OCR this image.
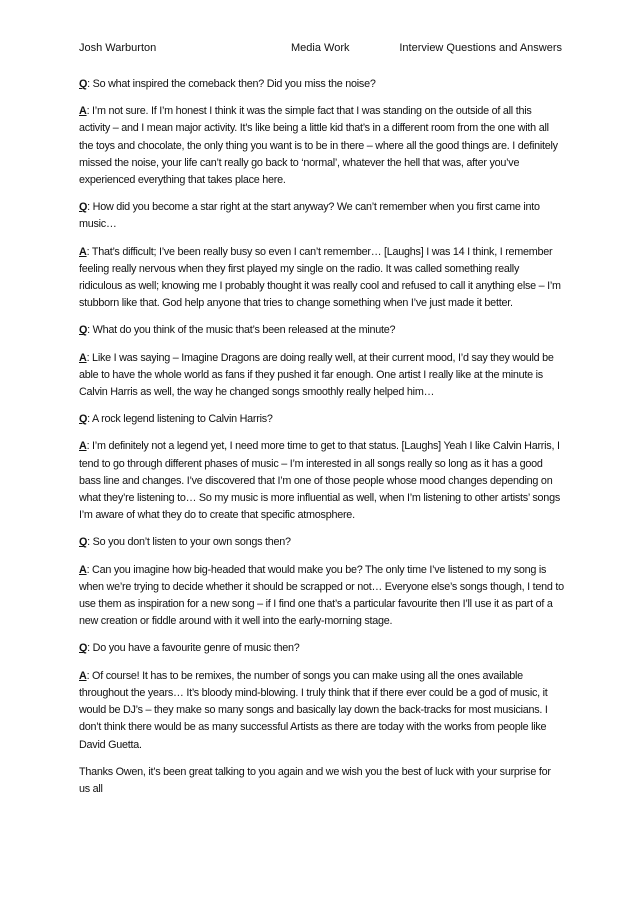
Josh Warburton	Media Work	Interview Questions and Answers

Q: So what inspired the comeback then? Did you miss the noise?

A: I’m not sure. If I’m honest I think it was the simple fact that I was standing on the outside of all this activity – and I mean major activity. It’s like being a little kid that’s in a different room from the one with all the toys and chocolate, the only thing you want is to be in there – where all the good things are. I definitely missed the noise, your life can’t really go back to ‘normal’, whatever the hell that was, after you’ve experienced everything that takes place here.

Q: How did you become a star right at the start anyway? We can’t remember when you first came into music…

A: That’s difficult; I’ve been really busy so even I can’t remember… [Laughs] I was 14 I think, I remember feeling really nervous when they first played my single on the radio. It was called something really ridiculous as well; knowing me I probably thought it was really cool and refused to call it anything else – I’m stubborn like that. God help anyone that tries to change something when I’ve just made it better.

Q: What do you think of the music that’s been released at the minute?

A: Like I was saying – Imagine Dragons are doing really well, at their current mood, I’d say they would be able to have the whole world as fans if they pushed it far enough. One artist I really like at the minute is Calvin Harris as well, the way he changed songs smoothly really helped him…

Q: A rock legend listening to Calvin Harris?

A: I’m definitely not a legend yet, I need more time to get to that status. [Laughs] Yeah I like Calvin Harris, I tend to go through different phases of music – I’m interested in all songs really so long as it has a good bass line and changes. I’ve discovered that I’m one of those people whose mood changes depending on what they’re listening to… So my music is more influential as well, when I’m listening to other artists’ songs I’m aware of what they do to create that specific atmosphere.

Q: So you don’t listen to your own songs then?

A: Can you imagine how big-headed that would make you be? The only time I’ve listened to my song is when we’re trying to decide whether it should be scrapped or not… Everyone else’s songs though, I tend to use them as inspiration for a new song – if I find one that’s a particular favourite then I’ll use it as part of a new creation or fiddle around with it well into the early-morning stage.

Q: Do you have a favourite genre of music then?

A: Of course! It has to be remixes, the number of songs you can make using all the ones available throughout the years… It’s bloody mind-blowing. I truly think that if there ever could be a god of music, it would be DJ’s – they make so many songs and basically lay down the back-tracks for most musicians. I don’t think there would be as many successful Artists as there are today with the works from people like David Guetta.

Thanks Owen, it’s been great talking to you again and we wish you the best of luck with your surprise for us all
